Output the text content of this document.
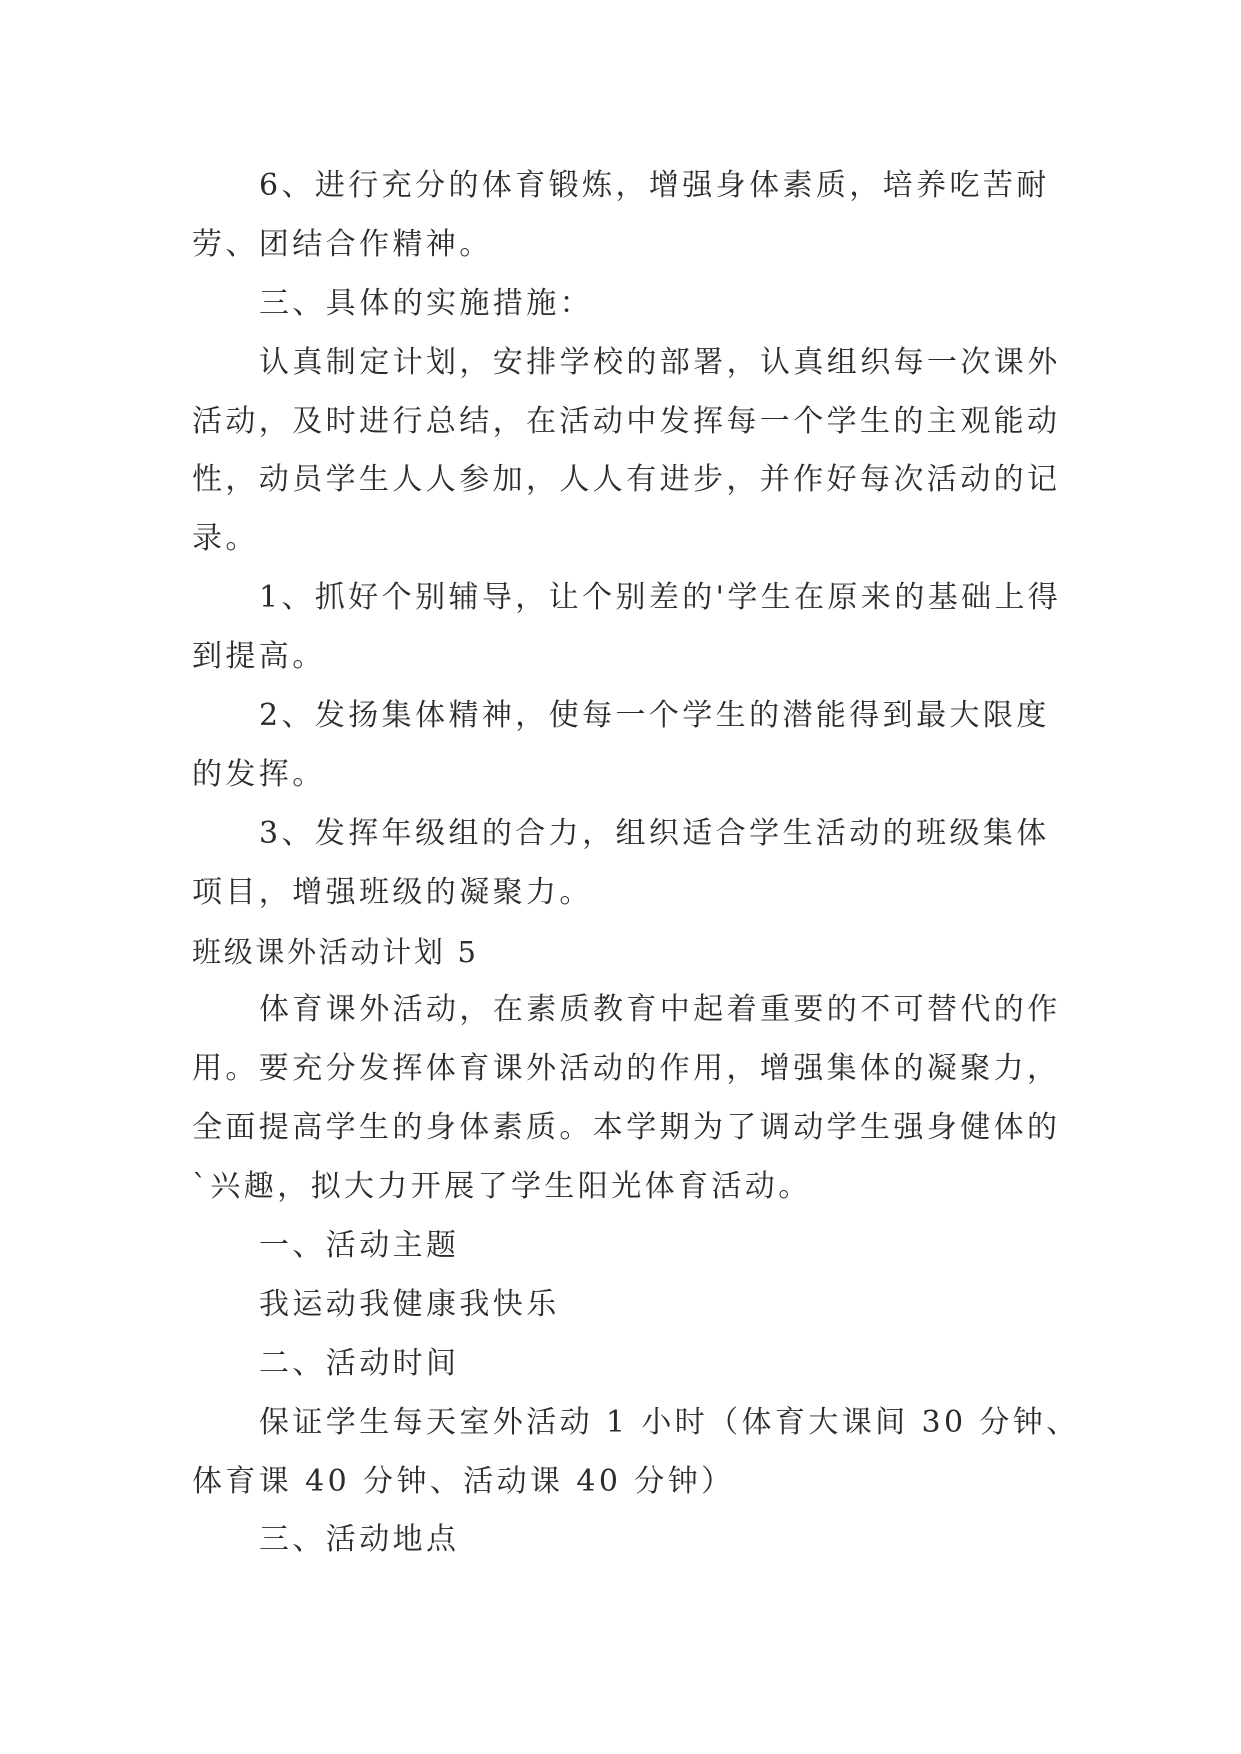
6、进行充分的体育锻炼，增强身体素质，培养吃苦耐
劳、团结合作精神。
三、具体的实施措施：
认真制定计划，安排学校的部署，认真组织每一次课外
活动，及时进行总结，在活动中发挥每一个学生的主观能动
性，动员学生人人参加，人人有进步，并作好每次活动的记
录。
1、抓好个别辅导，让个别差的'学生在原来的基础上得
到提高。
2、发扬集体精神，使每一个学生的潜能得到最大限度
的发挥。
3、发挥年级组的合力，组织适合学生活动的班级集体
项目，增强班级的凝聚力。
班级课外活动计划 5
体育课外活动，在素质教育中起着重要的不可替代的作
用。要充分发挥体育课外活动的作用，增强集体的凝聚力，
全面提高学生的身体素质。本学期为了调动学生强身健体的
`兴趣，拟大力开展了学生阳光体育活动。
一、活动主题
我运动我健康我快乐
二、活动时间
保证学生每天室外活动 1 小时（体育大课间 30 分钟、
体育课 40 分钟、活动课 40 分钟）
三、活动地点
